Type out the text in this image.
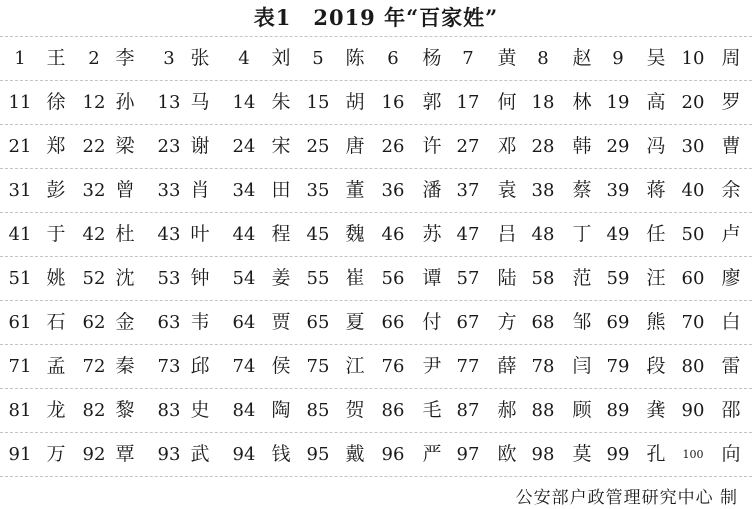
表1　2019 年“百家姓”
1	王	2 李	3 张	4	刘	5	陈	6	杨	7	黄	8	赵	9	吴 10 周
11 徐 12 孙	13 马	14 朱 15 胡 16 郭 17 何 18 林 19 高 20 罗
21 郑 22 梁	23 谢	24 宋 25 唐 26 许 27 邓 28 韩 29 冯 30 曹
31 彭 32 曾	33 肖	34 田 35 董 36 潘 37 袁 38 蔡 39 蒋 40 余
41 于 42 杜	43 叶	44 程 45 魏 46 苏 47 吕 48 丁 49 任 50 卢
51 姚 52 沈	53 钟	54 姜 55 崔 56 谭 57 陆 58 范 59 汪 60 廖
61 石 62 金	63 韦	64 贾 65 夏 66 付 67 方 68 邹 69 熊 70 白
71 孟 72 秦	73 邱	74 侯 75 江 76 尹 77 薛 78 闫 79 段 80 雷
81 龙 82 黎	83 史	84 陶 85 贺 86 毛 87 郝 88 顾 89 龚 90 邵
91 万 92 覃	93 武	94 钱 95 戴 96 严 97 欧 98 莫 99 孔	100 向
公安部户政管理研究中心 制
